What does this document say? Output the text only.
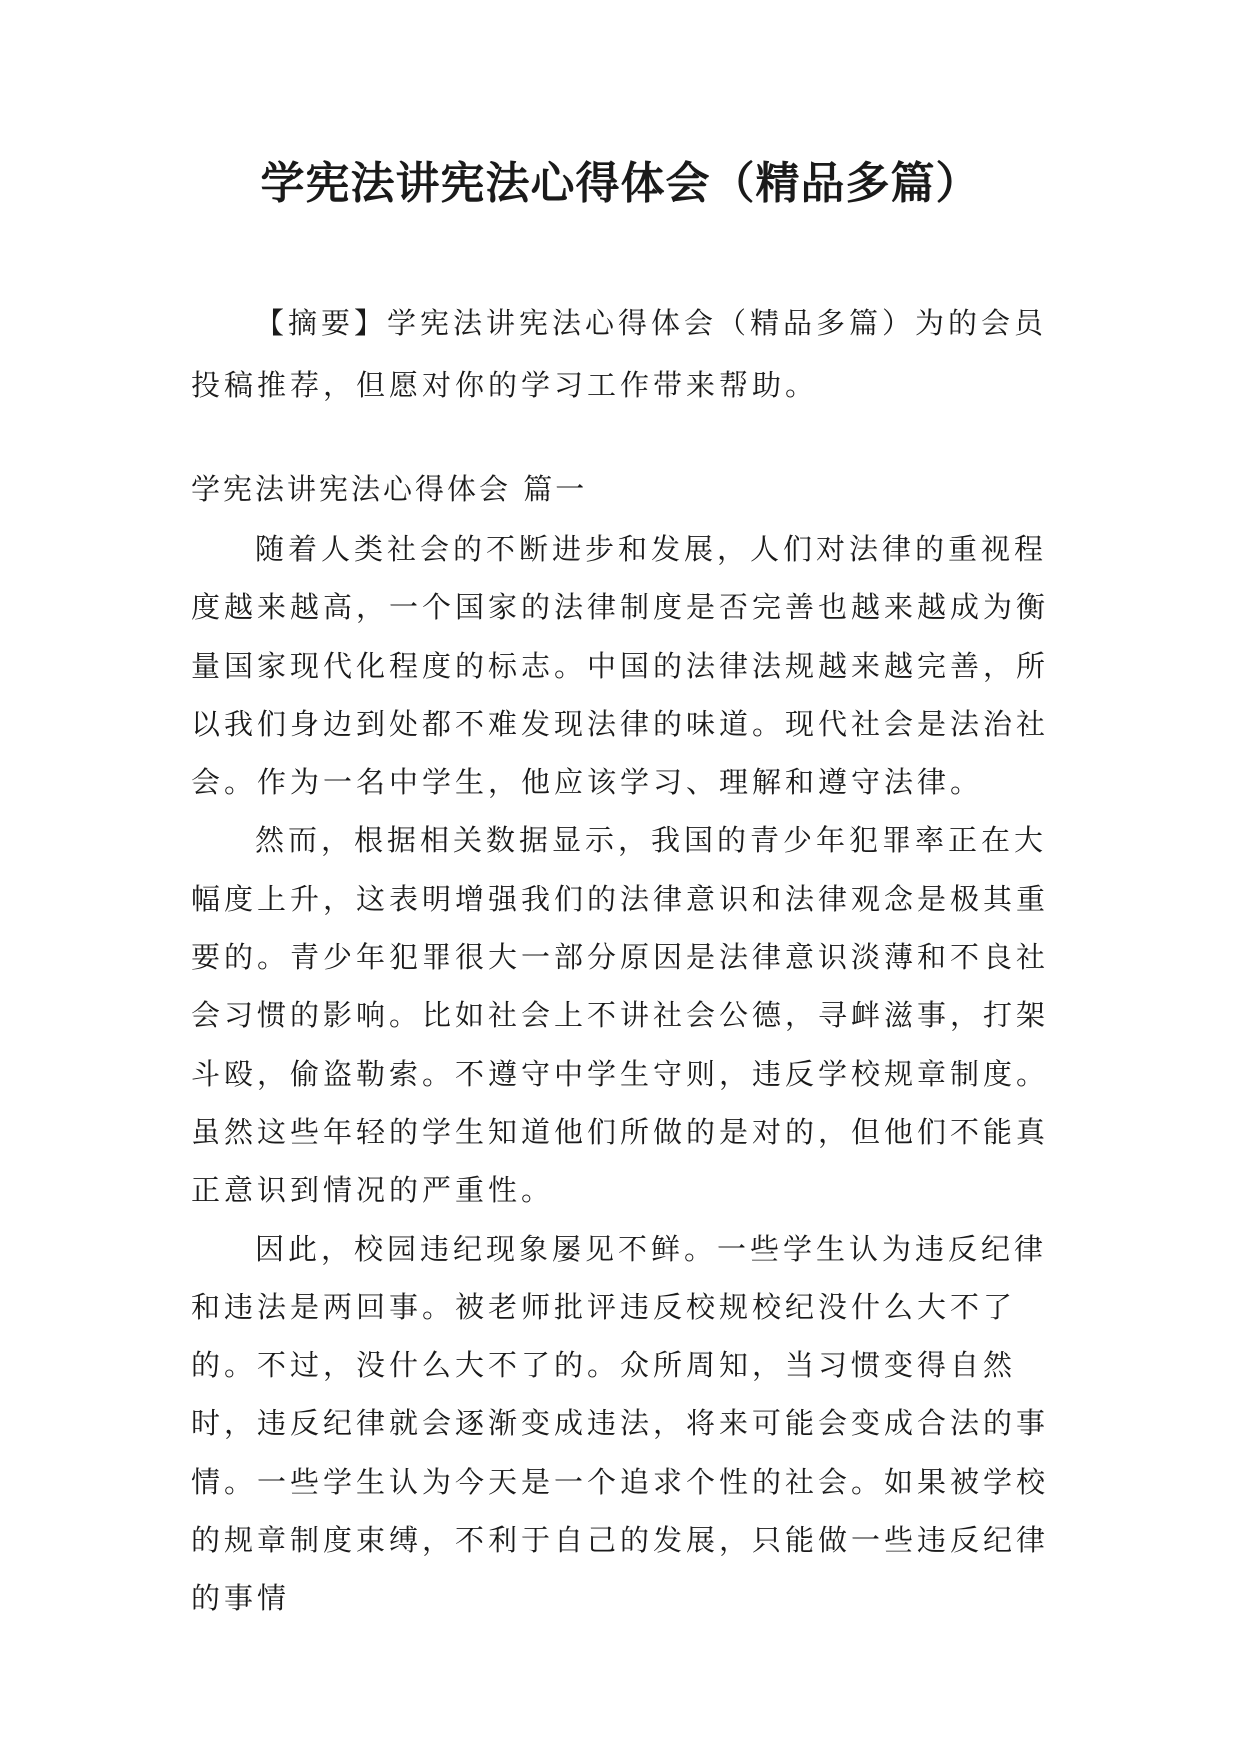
学宪法讲宪法心得体会（精品多篇）

【摘要】学宪法讲宪法心得体会（精品多篇）为的会员投稿推荐，但愿对你的学习工作带来帮助。

学宪法讲宪法心得体会 篇一

随着人类社会的不断进步和发展，人们对法律的重视程度越来越高，一个国家的法律制度是否完善也越来越成为衡量国家现代化程度的标志。中国的法律法规越来越完善，所以我们身边到处都不难发现法律的味道。现代社会是法治社会。作为一名中学生，他应该学习、理解和遵守法律。

然而，根据相关数据显示，我国的青少年犯罪率正在大幅度上升，这表明增强我们的法律意识和法律观念是极其重要的。青少年犯罪很大一部分原因是法律意识淡薄和不良社会习惯的影响。比如社会上不讲社会公德，寻衅滋事，打架斗殴，偷盗勒索。不遵守中学生守则，违反学校规章制度。虽然这些年轻的学生知道他们所做的是对的，但他们不能真正意识到情况的严重性。

因此，校园违纪现象屡见不鲜。一些学生认为违反纪律和违法是两回事。被老师批评违反校规校纪没什么大不了的。不过，没什么大不了的。众所周知，当习惯变得自然时，违反纪律就会逐渐变成违法，将来可能会变成合法的事情。一些学生认为今天是一个追求个性的社会。如果被学校的规章制度束缚，不利于自己的发展，只能做一些违反纪律的事情
